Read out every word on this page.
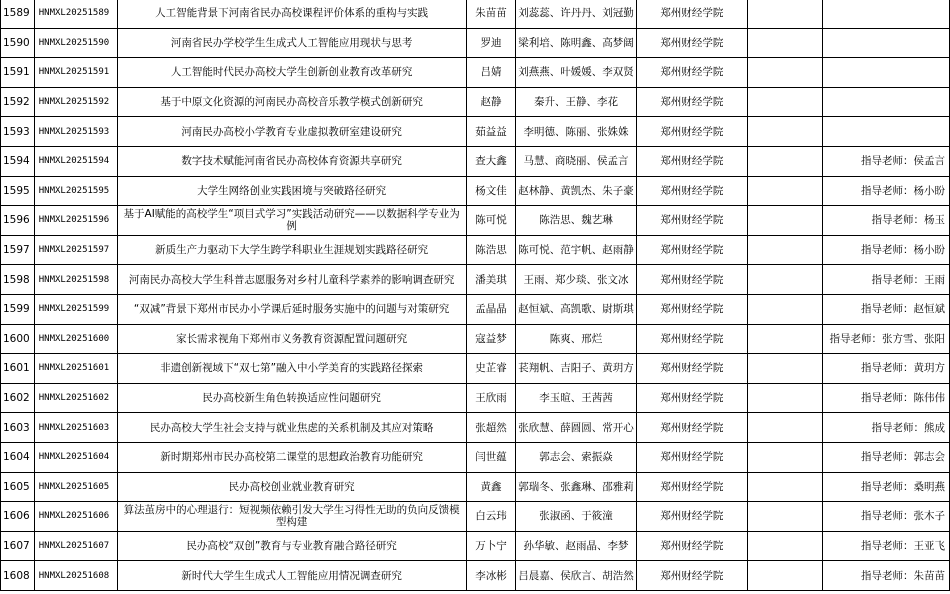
1589	HNMXL20251589	人工智能背景下河南省民办高校课程评价体系的重构与实践	朱苗苗	刘蕊蕊、许丹丹、刘冠勤	郑州财经学院		
1590	HNMXL20251590	河南省民办学校学生生成式人工智能应用现状与思考	罗迪	梁利培、陈明鑫、高梦阔	郑州财经学院		
1591	HNMXL20251591	人工智能时代民办高校大学生创新创业教育改革研究	吕婧	刘燕燕、叶媛媛、李双贤	郑州财经学院		
1592	HNMXL20251592	基于中原文化资源的河南民办高校音乐教学模式创新研究	赵静	秦升、王静、李花	郑州财经学院		
1593	HNMXL20251593	河南民办高校小学教育专业虚拟教研室建设研究	茹益益	李明德、陈丽、张姝姝	郑州财经学院		
1594	HNMXL20251594	数字技术赋能河南省民办高校体育资源共享研究	查大鑫	马慧、商晓丽、侯孟言	郑州财经学院		指导老师：侯孟言
1595	HNMXL20251595	大学生网络创业实践困境与突破路径研究	杨文佳	赵林静、黄凯杰、朱子豪	郑州财经学院		指导老师：杨小盼
1596	HNMXL20251596	基于AI赋能的高校学生“项目式学习”实践活动研究——以数据科学专业为例	陈可悦	陈浩思、魏艺琳	郑州财经学院		指导老师：杨玉
1597	HNMXL20251597	新质生产力驱动下大学生跨学科职业生涯规划实践路径研究	陈浩思	陈可悦、范宇帆、赵雨静	郑州财经学院		指导老师：杨小盼
1598	HNMXL20251598	河南民办高校大学生科普志愿服务对乡村儿童科学素养的影响调查研究	潘美琪	王雨、郑少琰、张文冰	郑州财经学院		指导老师：王雨
1599	HNMXL20251599	“双减”背景下郑州市民办小学课后延时服务实施中的问题与对策研究	孟晶晶	赵恒斌、高凯歌、尉斯琪	郑州财经学院		指导老师：赵恒斌
1600	HNMXL20251600	家长需求视角下郑州市义务教育资源配置问题研究	寇益梦	陈爽、邢烂	郑州财经学院		指导老师：张方雪、张阳
1601	HNMXL20251601	非遗创新视域下“双七第”融入中小学美育的实践路径探索	史芷睿	苌翔帆、吉阳子、黄玥方	郑州财经学院		指导老师：黄玥方
1602	HNMXL20251602	民办高校新生角色转换适应性问题研究	王欣雨	李玉暄、王茜茜	郑州财经学院		指导老师：陈伟伟
1603	HNMXL20251603	民办高校大学生社会支持与就业焦虑的关系机制及其应对策略	张超然	张欣慧、薛圆圆、常开心	郑州财经学院		指导老师：熊成
1604	HNMXL20251604	新时期郑州市民办高校第二课堂的思想政治教育功能研究	闫世蕴	郭志会、索振焱	郑州财经学院		指导老师：郭志会
1605	HNMXL20251605	民办高校创业就业教育研究	黄鑫	郭瑞冬、张鑫琳、邵雅莉	郑州财经学院		指导老师：桑明燕
1606	HNMXL20251606	算法茧房中的心理退行：短视频依赖引发大学生习得性无助的负向反馈模型构建	白云玮	张淑函、于筱潼	郑州财经学院		指导老师：张木子
1607	HNMXL20251607	民办高校“双创”教育与专业教育融合路径研究	万卜宁	孙华敏、赵雨晶、李梦	郑州财经学院		指导老师：王亚飞
1608	HNMXL20251608	新时代大学生生成式人工智能应用情况调查研究	李冰彬	吕晨嘉、侯欣言、胡浩然	郑州财经学院		指导老师：朱苗苗
